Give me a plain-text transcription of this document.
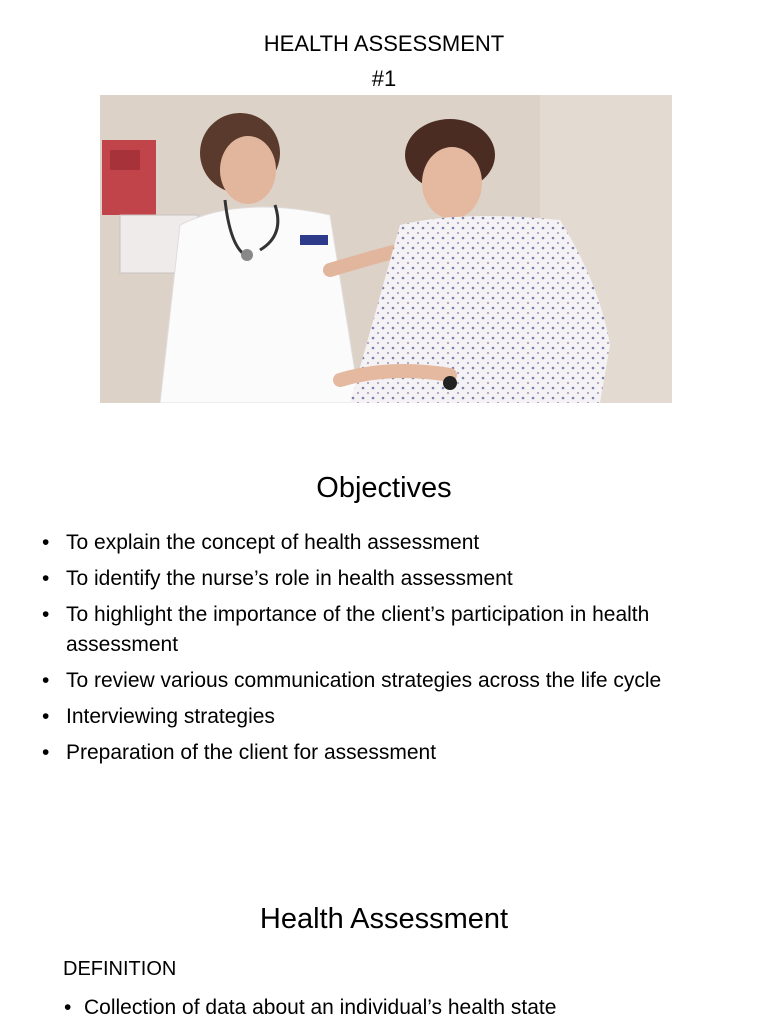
HEALTH ASSESSMENT
#1
Objectives
• To explain the concept of health assessment
• To identify the nurse’s role in health assessment
• To highlight the importance of the client’s participation in health assessment
• To review various communication strategies across the life cycle
• Interviewing strategies
• Preparation of the client for assessment
Health Assessment
DEFINITION
• Collection of data about an individual’s health state
